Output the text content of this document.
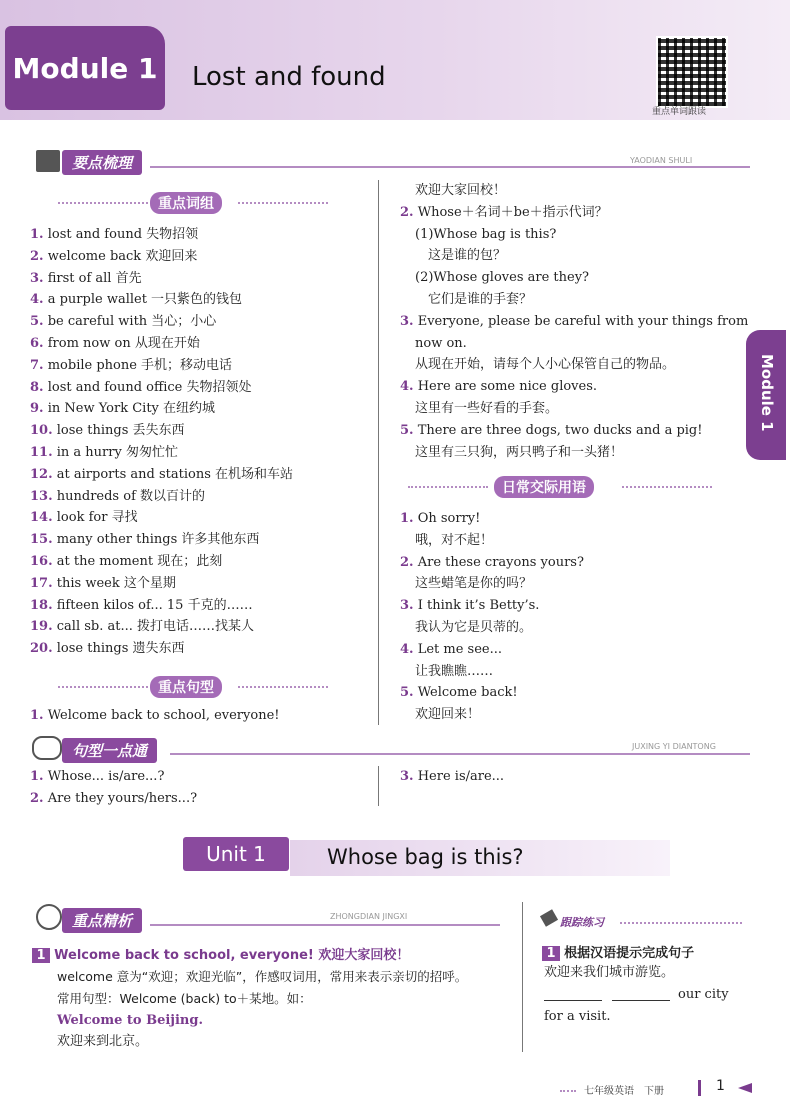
Module 1 Lost and found
重点单词跟读
要点梳理	YAODIAN SHULI
重点词组
1. lost and found 失物招领
2. welcome back 欢迎回来
3. first of all 首先
4. a purple wallet 一只紫色的钱包
5. be careful with 当心；小心
6. from now on 从现在开始
7. mobile phone 手机；移动电话
8. lost and found office 失物招领处
9. in New York City 在纽约城
10. lose things 丢失东西
11. in a hurry 匆匆忙忙
12. at airports and stations 在机场和车站
13. hundreds of 数以百计的
14. look for 寻找
15. many other things 许多其他东西
16. at the moment 现在；此刻
17. this week 这个星期
18. fifteen kilos of... 15 千克的……
19. call sb. at... 拨打电话……找某人
20. lose things 遗失东西
重点句型
1. Welcome back to school, everyone!
欢迎大家回校！
2. Whose＋名词＋be＋指示代词？
(1)Whose bag is this?
　这是谁的包？
(2)Whose gloves are they?
　它们是谁的手套？
3. Everyone, please be careful with your things from
now on.
从现在开始，请每个人小心保管自己的物品。
4. Here are some nice gloves.
这里有一些好看的手套。
5. There are three dogs, two ducks and a pig!
这里有三只狗，两只鸭子和一头猪！
日常交际用语
1. Oh sorry!
哦，对不起！
2. Are these crayons yours?
这些蜡笔是你的吗？
3. I think it’s Betty’s.
我认为它是贝蒂的。
4. Let me see...
让我瞧瞧……
5. Welcome back!
欢迎回来！
Module 1
句型一点通	JUXING YI DIANTONG
1. Whose... is/are...?
2. Are they yours/hers...?
3. Here is/are...
Unit 1	Whose bag is this?
重点精析	ZHONGDIAN JINGXI
1 Welcome back to school, everyone! 欢迎大家回校！
welcome 意为“欢迎；欢迎光临”，作感叹词用，常用来表示亲切的招呼。
常用句型：Welcome (back) to＋某地。如：
Welcome to Beijing.
欢迎来到北京。
跟踪练习
1 根据汉语提示完成句子
欢迎来我们城市游览。
our city
for a visit.
七年级英语　下册	1
